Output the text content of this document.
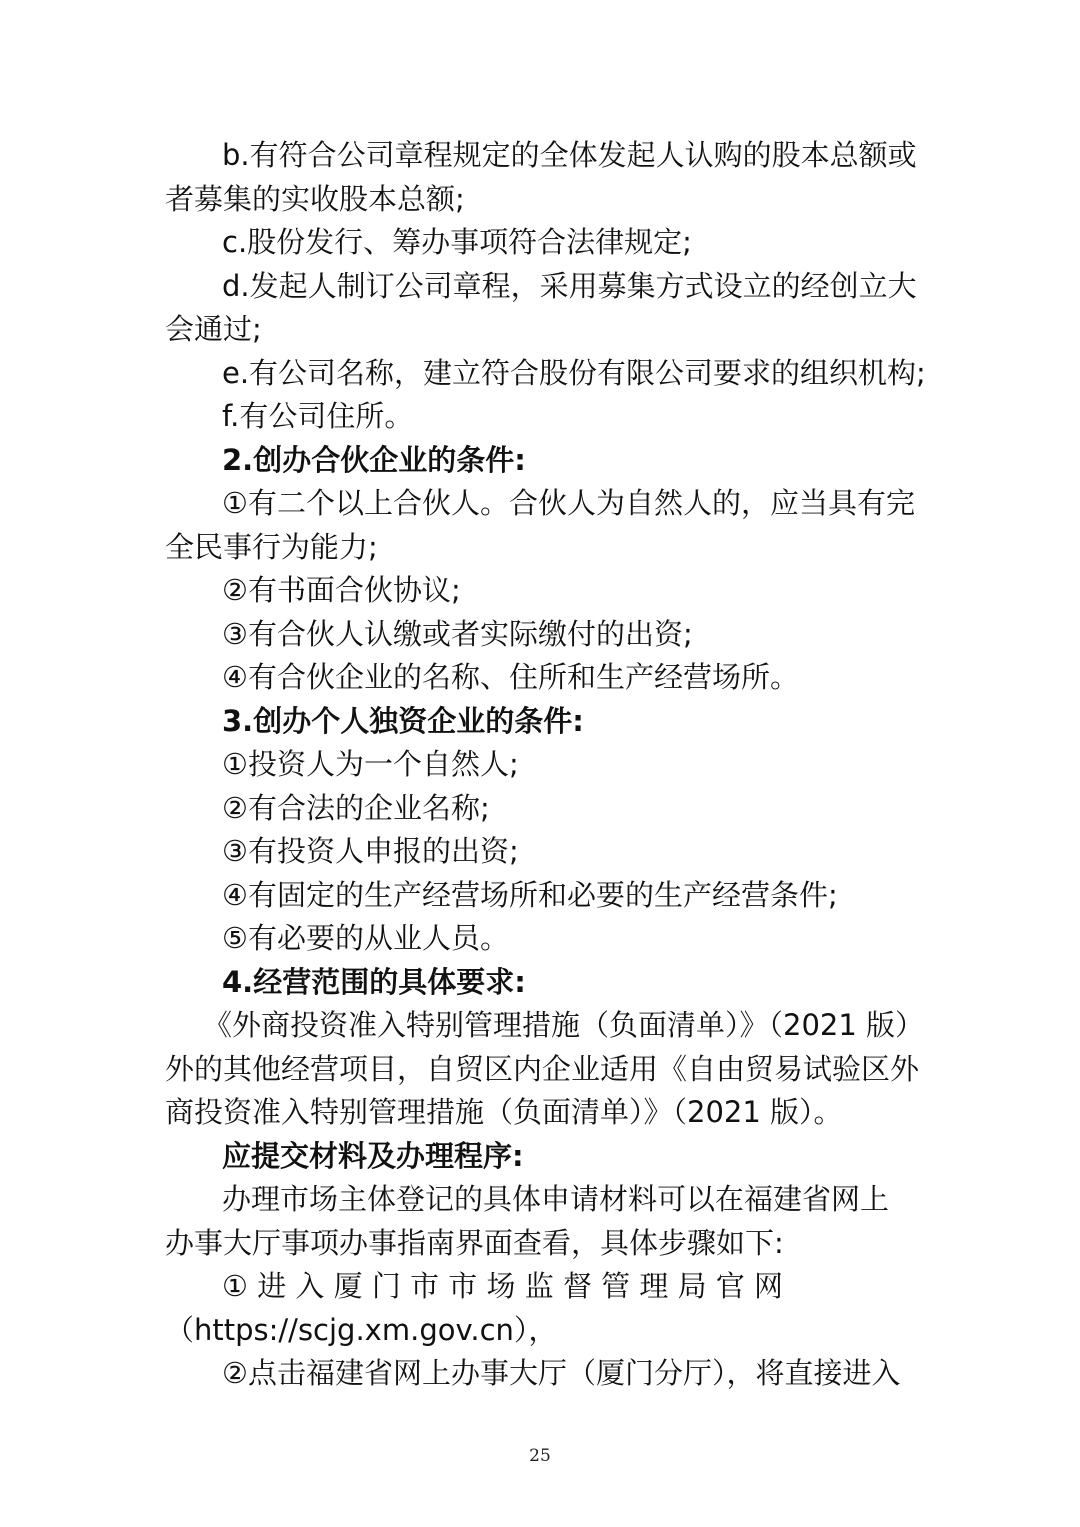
b.有符合公司章程规定的全体发起人认购的股本总额或
者募集的实收股本总额;
c.股份发行、筹办事项符合法律规定;
d.发起人制订公司章程，采用募集方式设立的经创立大
会通过;
e.有公司名称，建立符合股份有限公司要求的组织机构;
f.有公司住所。
2.创办合伙企业的条件:
①有二个以上合伙人。合伙人为自然人的，应当具有完
全民事行为能力;
②有书面合伙协议;
③有合伙人认缴或者实际缴付的出资;
④有合伙企业的名称、住所和生产经营场所。
3.创办个人独资企业的条件:
①投资人为一个自然人;
②有合法的企业名称;
③有投资人申报的出资;
④有固定的生产经营场所和必要的生产经营条件;
⑤有必要的从业人员。
4.经营范围的具体要求:
《外商投资准入特别管理措施（负面清单）》（2021 版）
外的其他经营项目，自贸区内企业适用《自由贸易试验区外
商投资准入特别管理措施（负面清单）》（2021 版）。
应提交材料及办理程序:
办理市场主体登记的具体申请材料可以在福建省网上
办事大厅事项办事指南界面查看，具体步骤如下:
① 进 入 厦 门 市 市 场 监 督 管 理 局 官 网
（https://scjg.xm.gov.cn），
②点击福建省网上办事大厅（厦门分厅），将直接进入
25
